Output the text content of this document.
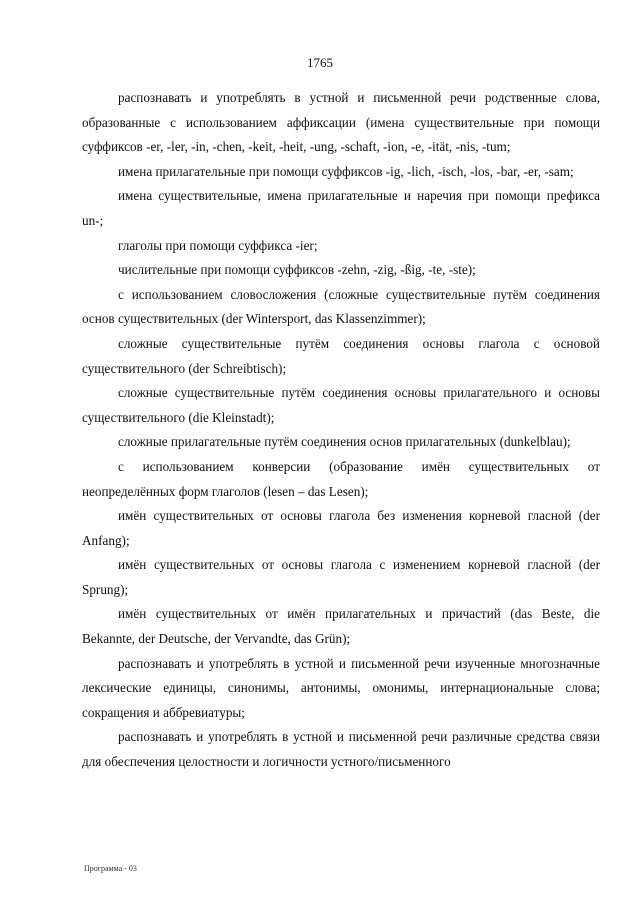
1765

распознавать и употреблять в устной и письменной речи родственные слова, образованные с использованием аффиксации (имена существительные при помощи суффиксов -er, -ler, -in, -chen, -keit, -heit, -ung, -schaft, -ion, -e, -ität, -nis, -tum;

имена прилагательные при помощи суффиксов -ig, -lich, -isch, -los, -bar, -er, -sam;

имена существительные, имена прилагательные и наречия при помощи префикса un-;

глаголы при помощи суффикса -ier;

числительные при помощи суффиксов -zehn, -zig, -ßig, -te, -ste);

с использованием словосложения (сложные существительные путём соединения основ существительных (der Wintersport, das Klassenzimmer);

сложные существительные путём соединения основы глагола с основой существительного (der Schreibtisch);

сложные существительные путём соединения основы прилагательного и основы существительного (die Kleinstadt);

сложные прилагательные путём соединения основ прилагательных (dunkelblau);

с использованием конверсии (образование имён существительных от неопределённых форм глаголов (lesen – das Lesen);

имён существительных от основы глагола без изменения корневой гласной (der Anfang);

имён существительных от основы глагола с изменением корневой гласной (der Sprung);

имён существительных от имён прилагательных и причастий (das Beste, die Bekannte, der Deutsche, der Vervandte, das Grün);

распознавать и употреблять в устной и письменной речи изученные многозначные лексические единицы, синонимы, антонимы, омонимы, интернациональные слова; сокращения и аббревиатуры;

распознавать и употреблять в устной и письменной речи различные средства связи для обеспечения целостности и логичности устного/письменного

Программа - 03
